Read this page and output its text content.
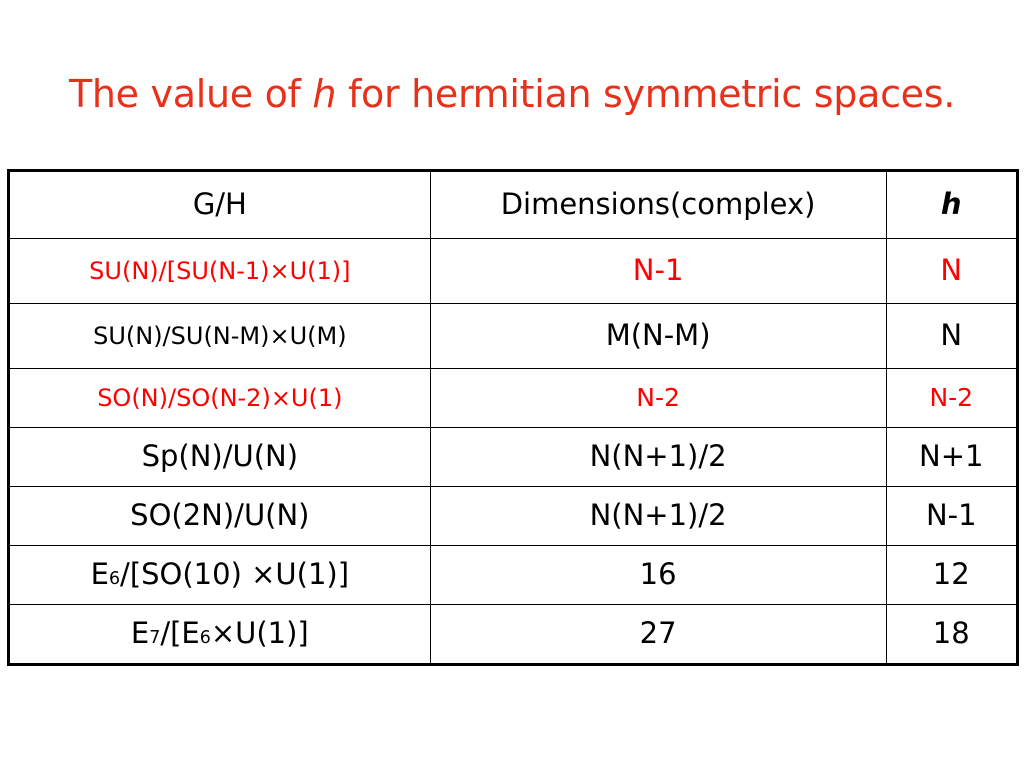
The value of h for hermitian symmetric spaces.
G/H	Dimensions(complex)	h
SU(N)/[SU(N-1)×U(1)]	N-1	N
SU(N)/SU(N-M)×U(M)	M(N-M)	N
SO(N)/SO(N-2)×U(1)	N-2	N-2
Sp(N)/U(N)	N(N+1)/2	N+1
SO(2N)/U(N)	N(N+1)/2	N-1
E6/[SO(10) ×U(1)]	16	12
E7/[E6×U(1)]	27	18
